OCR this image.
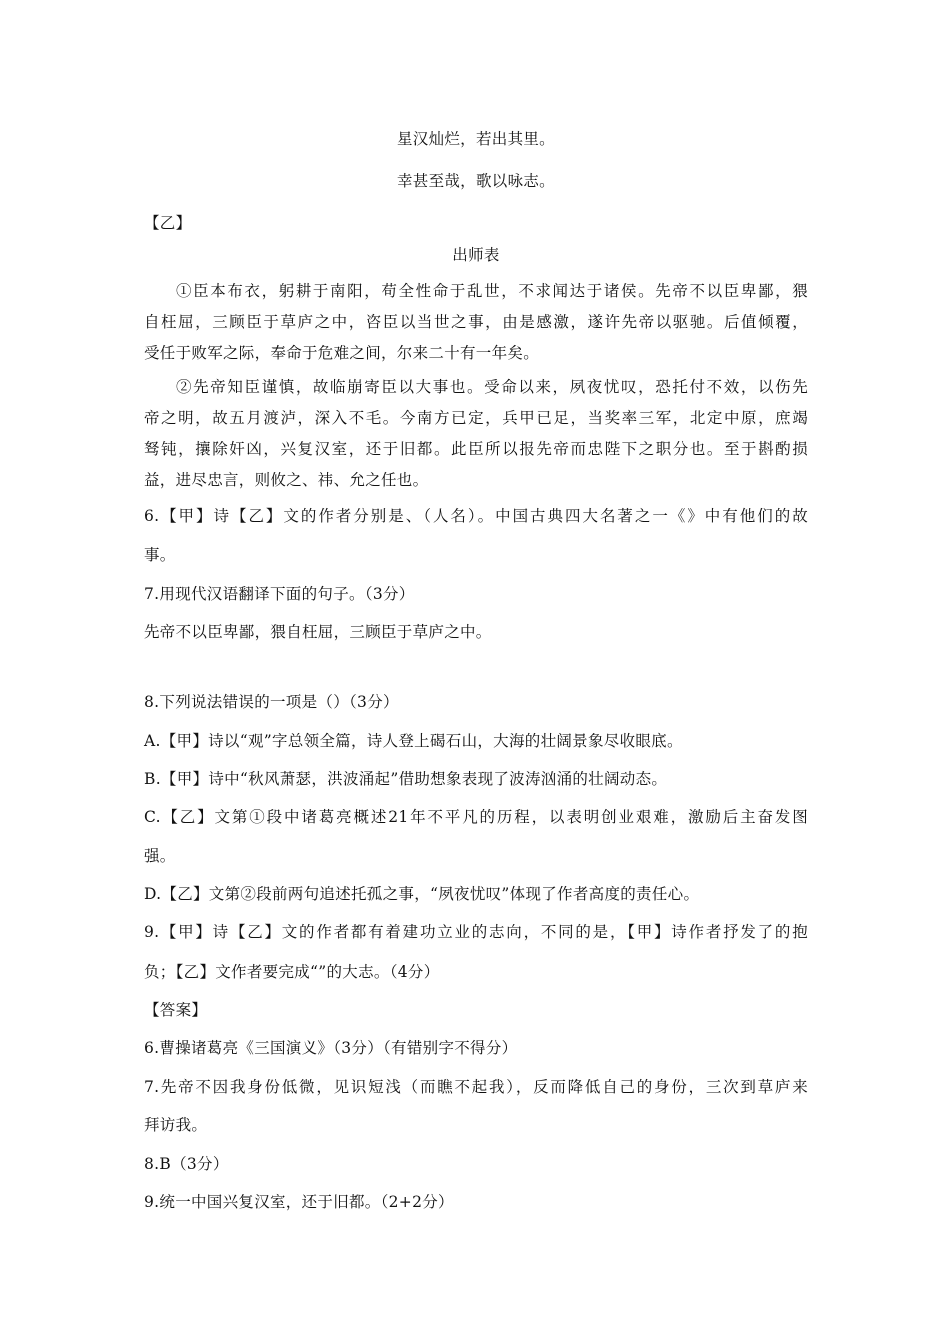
星汉灿烂，若出其里。
幸甚至哉，歌以咏志。
【乙】
出师表
①臣本布衣，躬耕于南阳，苟全性命于乱世，不求闻达于诸侯。先帝不以臣卑鄙，猥
自枉屈，三顾臣于草庐之中，咨臣以当世之事，由是感激，遂许先帝以驱驰。后值倾覆，
受任于败军之际，奉命于危难之间，尔来二十有一年矣。
②先帝知臣谨慎，故临崩寄臣以大事也。受命以来，夙夜忧叹，恐托付不效，以伤先
帝之明，故五月渡泸，深入不毛。今南方已定，兵甲已足，当奖率三军，北定中原，庶竭
驽钝，攘除奸凶，兴复汉室，还于旧都。此臣所以报先帝而忠陛下之职分也。至于斟酌损
益，进尽忠言，则攸之、祎、允之任也。
6.【甲】诗【乙】文的作者分别是、（人名）。中国古典四大名著之一《》中有他们的故
事。
7.用现代汉语翻译下面的句子。（3分）
先帝不以臣卑鄙，猥自枉屈，三顾臣于草庐之中。
8.下列说法错误的一项是（）（3分）
A.【甲】诗以“观”字总领全篇，诗人登上碣石山，大海的壮阔景象尽收眼底。
B.【甲】诗中“秋风萧瑟，洪波涌起”借助想象表现了波涛汹涌的壮阔动态。
C.【乙】文第①段中诸葛亮概述21年不平凡的历程，以表明创业艰难，激励后主奋发图
强。
D.【乙】文第②段前两句追述托孤之事，“夙夜忧叹”体现了作者高度的责任心。
9.【甲】诗【乙】文的作者都有着建功立业的志向，不同的是，【甲】诗作者抒发了的抱
负；【乙】文作者要完成“”的大志。（4分）
【答案】
6.曹操诸葛亮《三国演义》（3分）（有错别字不得分）
7.先帝不因我身份低微，见识短浅（而瞧不起我），反而降低自己的身份，三次到草庐来
拜访我。
8.B（3分）
9.统一中国兴复汉室，还于旧都。（2+2分）
